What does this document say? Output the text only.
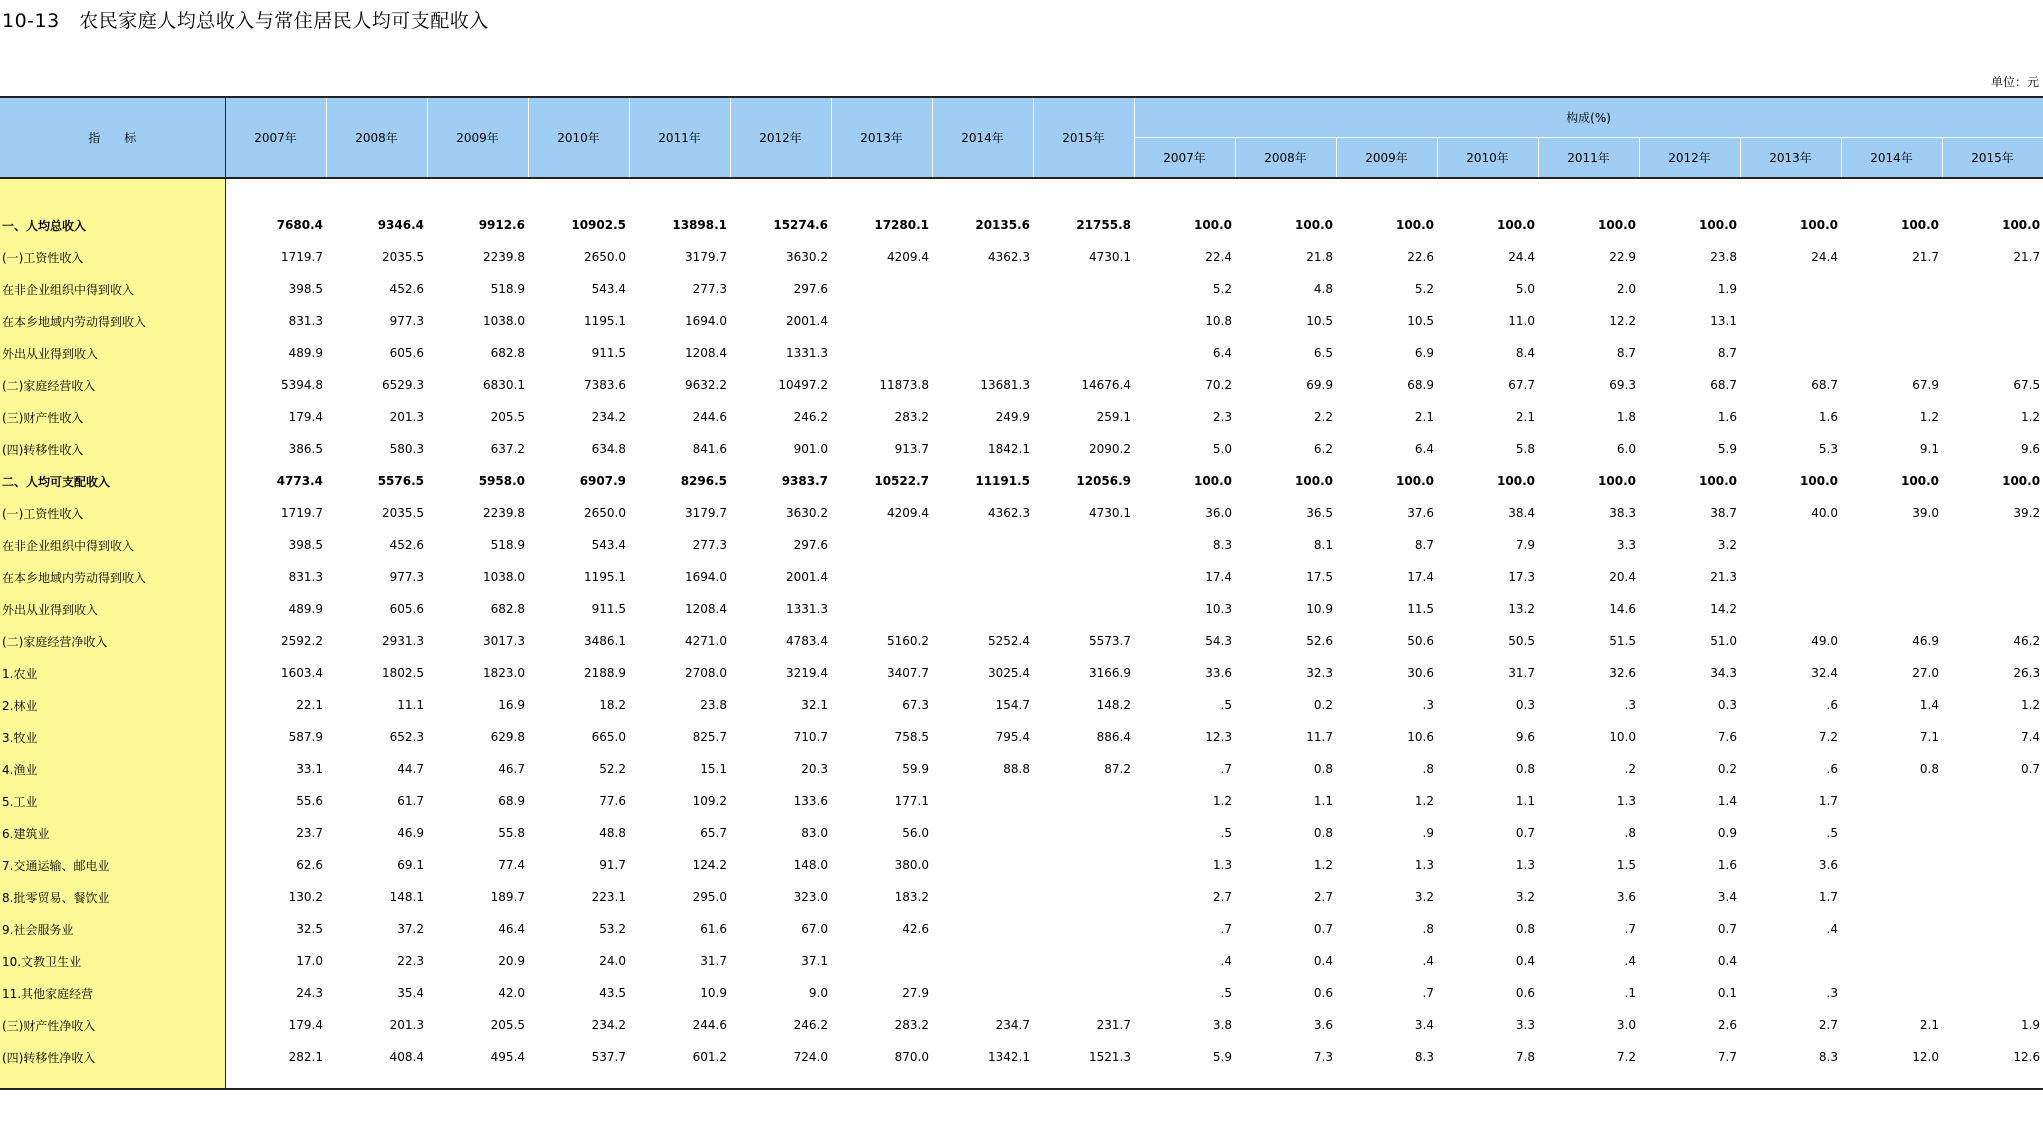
10-13　农民家庭人均总收入与常住居民人均可支配收入
单位：元
指　　标	2007年	2008年	2009年	2010年	2011年	2012年	2013年	2014年	2015年	构成(%)								
										2007年	2008年	2009年	2010年	2011年	2012年	2013年	2014年	2015年

一、人均总收入	7680.4	9346.4	9912.6	10902.5	13898.1	15274.6	17280.1	20135.6	21755.8	100.0	100.0	100.0	100.0	100.0	100.0	100.0	100.0	100.0
(一)工资性收入	1719.7	2035.5	2239.8	2650.0	3179.7	3630.2	4209.4	4362.3	4730.1	22.4	21.8	22.6	24.4	22.9	23.8	24.4	21.7	21.7
在非企业组织中得到收入	398.5	452.6	518.9	543.4	277.3	297.6				5.2	4.8	5.2	5.0	2.0	1.9			
在本乡地域内劳动得到收入	831.3	977.3	1038.0	1195.1	1694.0	2001.4				10.8	10.5	10.5	11.0	12.2	13.1			
外出从业得到收入	489.9	605.6	682.8	911.5	1208.4	1331.3				6.4	6.5	6.9	8.4	8.7	8.7			
(二)家庭经营收入	5394.8	6529.3	6830.1	7383.6	9632.2	10497.2	11873.8	13681.3	14676.4	70.2	69.9	68.9	67.7	69.3	68.7	68.7	67.9	67.5
(三)财产性收入	179.4	201.3	205.5	234.2	244.6	246.2	283.2	249.9	259.1	2.3	2.2	2.1	2.1	1.8	1.6	1.6	1.2	1.2
(四)转移性收入	386.5	580.3	637.2	634.8	841.6	901.0	913.7	1842.1	2090.2	5.0	6.2	6.4	5.8	6.0	5.9	5.3	9.1	9.6
二、人均可支配收入	4773.4	5576.5	5958.0	6907.9	8296.5	9383.7	10522.7	11191.5	12056.9	100.0	100.0	100.0	100.0	100.0	100.0	100.0	100.0	100.0
(一)工资性收入	1719.7	2035.5	2239.8	2650.0	3179.7	3630.2	4209.4	4362.3	4730.1	36.0	36.5	37.6	38.4	38.3	38.7	40.0	39.0	39.2
在非企业组织中得到收入	398.5	452.6	518.9	543.4	277.3	297.6				8.3	8.1	8.7	7.9	3.3	3.2			
在本乡地域内劳动得到收入	831.3	977.3	1038.0	1195.1	1694.0	2001.4				17.4	17.5	17.4	17.3	20.4	21.3			
外出从业得到收入	489.9	605.6	682.8	911.5	1208.4	1331.3				10.3	10.9	11.5	13.2	14.6	14.2			
(二)家庭经营净收入	2592.2	2931.3	3017.3	3486.1	4271.0	4783.4	5160.2	5252.4	5573.7	54.3	52.6	50.6	50.5	51.5	51.0	49.0	46.9	46.2
1.农业	1603.4	1802.5	1823.0	2188.9	2708.0	3219.4	3407.7	3025.4	3166.9	33.6	32.3	30.6	31.7	32.6	34.3	32.4	27.0	26.3
2.林业	22.1	11.1	16.9	18.2	23.8	32.1	67.3	154.7	148.2	.5	0.2	.3	0.3	.3	0.3	.6	1.4	1.2
3.牧业	587.9	652.3	629.8	665.0	825.7	710.7	758.5	795.4	886.4	12.3	11.7	10.6	9.6	10.0	7.6	7.2	7.1	7.4
4.渔业	33.1	44.7	46.7	52.2	15.1	20.3	59.9	88.8	87.2	.7	0.8	.8	0.8	.2	0.2	.6	0.8	0.7
5.工业	55.6	61.7	68.9	77.6	109.2	133.6	177.1			1.2	1.1	1.2	1.1	1.3	1.4	1.7		
6.建筑业	23.7	46.9	55.8	48.8	65.7	83.0	56.0			.5	0.8	.9	0.7	.8	0.9	.5		
7.交通运输、邮电业	62.6	69.1	77.4	91.7	124.2	148.0	380.0			1.3	1.2	1.3	1.3	1.5	1.6	3.6		
8.批零贸易、餐饮业	130.2	148.1	189.7	223.1	295.0	323.0	183.2			2.7	2.7	3.2	3.2	3.6	3.4	1.7		
9.社会服务业	32.5	37.2	46.4	53.2	61.6	67.0	42.6			.7	0.7	.8	0.8	.7	0.7	.4		
10.文教卫生业	17.0	22.3	20.9	24.0	31.7	37.1				.4	0.4	.4	0.4	.4	0.4			
11.其他家庭经营	24.3	35.4	42.0	43.5	10.9	9.0	27.9			.5	0.6	.7	0.6	.1	0.1	.3		
(三)财产性净收入	179.4	201.3	205.5	234.2	244.6	246.2	283.2	234.7	231.7	3.8	3.6	3.4	3.3	3.0	2.6	2.7	2.1	1.9
(四)转移性净收入	282.1	408.4	495.4	537.7	601.2	724.0	870.0	1342.1	1521.3	5.9	7.3	8.3	7.8	7.2	7.7	8.3	12.0	12.6
